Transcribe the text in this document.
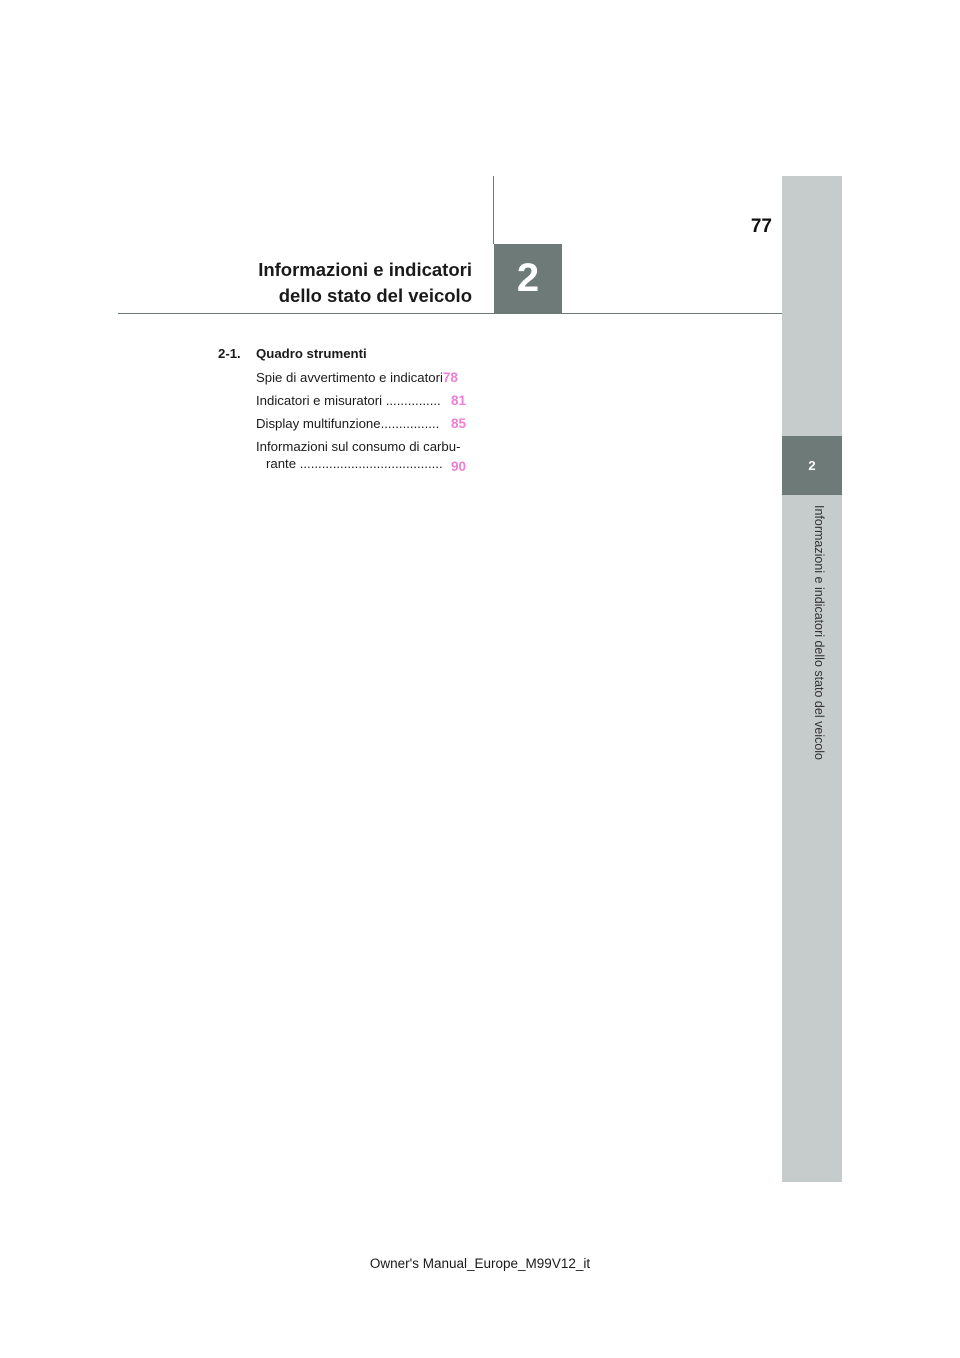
2
Informazioni e indicatori dello stato del veicolo
77
2
Informazioni e indicatori
dello stato del veicolo
2-1.	Quadro strumenti
Spie di avvertimento e indicatori78
Indicatori e misuratori ............... 81
Display multifunzione................ 85
Informazioni sul consumo di carbu-
rante ....................................... 90
Owner's Manual_Europe_M99V12_it
